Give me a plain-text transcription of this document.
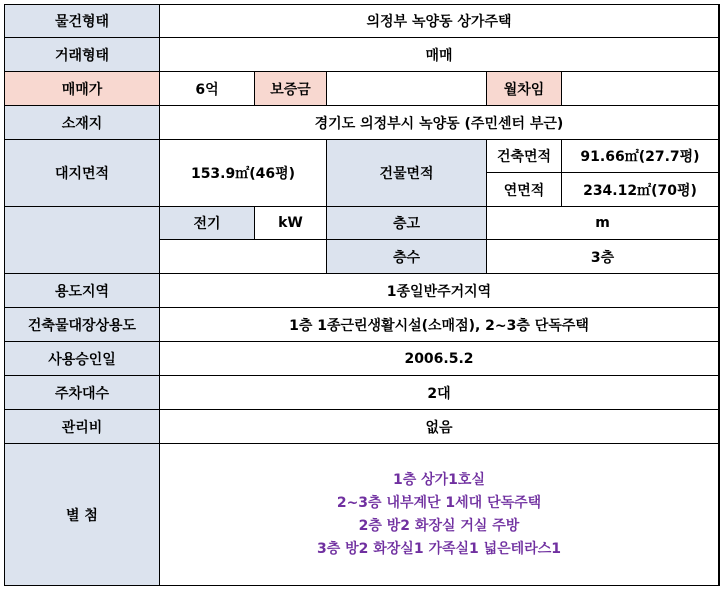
물건형태	의정부 녹양동 상가주택				
거래형태	매매				
매매가	6억	보증금		월차임	
소재지	경기도 의정부시 녹양동 (주민센터 부근)				
대지면적	153.9㎡(46평)		건물면적	건축면적	91.66㎡(27.7평)
				연면적	234.12㎡(70평)
	전기	kW	층고	m	
			층수	3층	
용도지역	1종일반주거지역				
건축물대장상용도	1층 1종근린생활시설(소매점), 2~3층 단독주택				
사용승인일	2006.5.2				
주차대수	2대				
관리비	없음				
별 첨	1층 상가1호실
2~3층 내부계단 1세대 단독주택
2층 방2 화장실 거실 주방
3층 방2 화장실1 가족실1 넓은테라스1				
